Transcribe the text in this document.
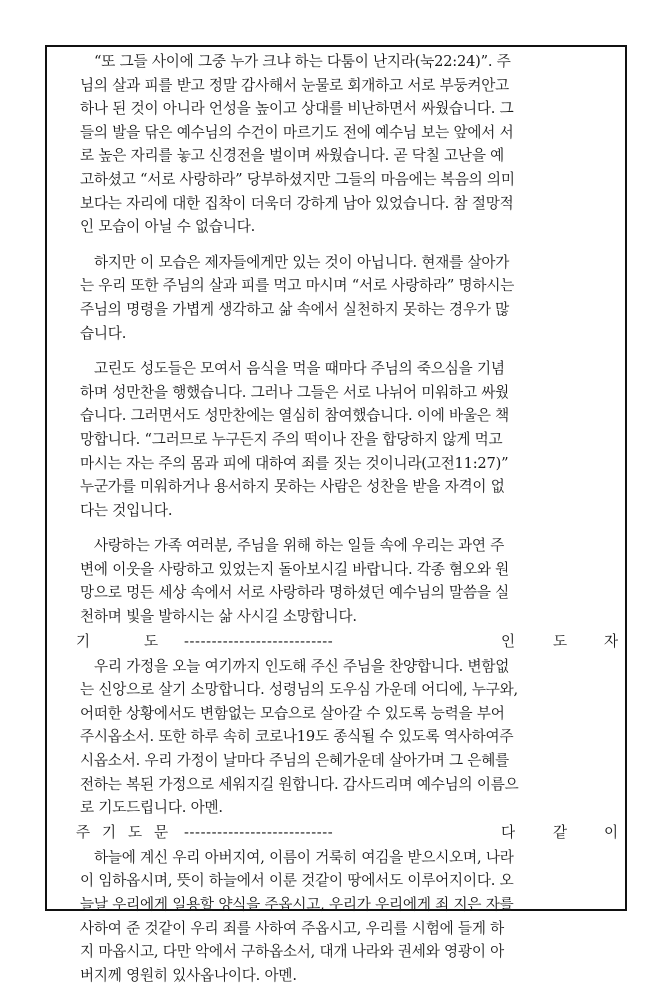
“또 그들 사이에 그중 누가 크냐 하는 다툼이 난지라(눅22:24)”. 주
님의 살과 피를 받고 정말 감사해서 눈물로 회개하고 서로 부둥켜안고
하나 된 것이 아니라 언성을 높이고 상대를 비난하면서 싸웠습니다. 그
들의 발을 닦은 예수님의 수건이 마르기도 전에 예수님 보는 앞에서 서
로 높은 자리를 놓고 신경전을 벌이며 싸웠습니다. 곧 닥칠 고난을 예
고하셨고 “서로 사랑하라” 당부하셨지만 그들의 마음에는 복음의 의미
보다는 자리에 대한 집착이 더욱더 강하게 남아 있었습니다. 참 절망적
인 모습이 아닐 수 없습니다.
하지만 이 모습은 제자들에게만 있는 것이 아닙니다. 현재를 살아가
는 우리 또한 주님의 살과 피를 먹고 마시며 “서로 사랑하라” 명하시는
주님의 명령을 가볍게 생각하고 삶 속에서 실천하지 못하는 경우가 많
습니다.
고린도 성도들은 모여서 음식을 먹을 때마다 주님의 죽으심을 기념
하며 성만찬을 행했습니다. 그러나 그들은 서로 나뉘어 미워하고 싸웠
습니다. 그러면서도 성만찬에는 열심히 참여했습니다. 이에 바울은 책
망합니다. “그러므로 누구든지 주의 떡이나 잔을 합당하지 않게 먹고
마시는 자는 주의 몸과 피에 대하여 죄를 짓는 것이니라(고전11:27)”
누군가를 미워하거나 용서하지 못하는 사람은 성찬을 받을 자격이 없
다는 것입니다.
사랑하는 가족 여러분, 주님을 위해 하는 일들 속에 우리는 과연 주
변에 이웃을 사랑하고 있었는지 돌아보시길 바랍니다. 각종 혐오와 원
망으로 멍든 세상 속에서 서로 사랑하라 명하셨던 예수님의 말씀을 실
천하며 빛을 발하시는 삶 사시길 소망합니다.
기	도 ---------------------------	인	도	자
우리 가정을 오늘 여기까지 인도해 주신 주님을 찬양합니다. 변함없
는 신앙으로 살기 소망합니다. 성령님의 도우심 가운데 어디에, 누구와,
어떠한 상황에서도 변함없는 모습으로 살아갈 수 있도록 능력을 부어
주시옵소서. 또한 하루 속히 코로나19도 종식될 수 있도록 역사하여주
시옵소서. 우리 가정이 날마다 주님의 은혜가운데 살아가며 그 은혜를
전하는 복된 가정으로 세워지길 원합니다. 감사드리며 예수님의 이름으
로 기도드립니다. 아멘.
주 기 도 문 ---------------------------	다	같	이
하늘에 계신 우리 아버지여, 이름이 거룩히 여김을 받으시오며, 나라
이 임하옵시며, 뜻이 하늘에서 이룬 것같이 땅에서도 이루어지이다. 오
늘날 우리에게 일용할 양식을 주옵시고, 우리가 우리에게 죄 지은 자를
사하여 준 것같이 우리 죄를 사하여 주옵시고, 우리를 시험에 들게 하
지 마옵시고, 다만 악에서 구하옵소서, 대개 나라와 권세와 영광이 아
버지께 영원히 있사옵나이다. 아멘.
